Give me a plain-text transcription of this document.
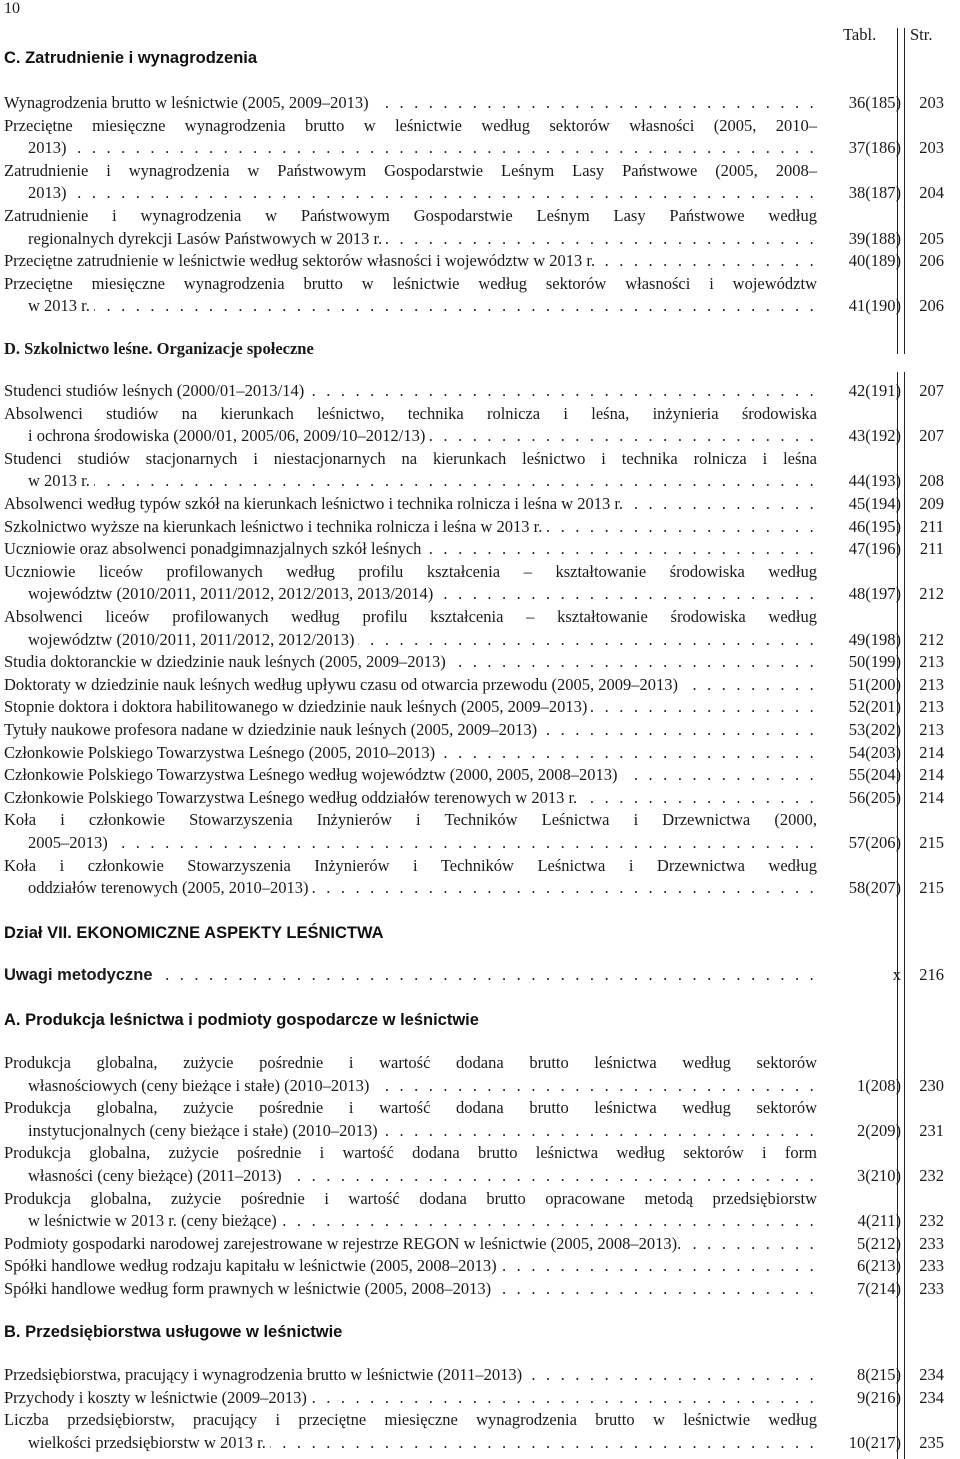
10
Tabl. Str.
C. Zatrudnienie i wynagrodzenia
Wynagrodzenia brutto w leśnictwie (2005, 2009–2013) . . .	36(185)	203
Przeciętne miesięczne wynagrodzenia brutto w leśnictwie według sektorów własności (2005, 2010–
2013) . . .	37(186)	203
Zatrudnienie i wynagrodzenia w Państwowym Gospodarstwie Leśnym Lasy Państwowe (2005, 2008–
2013) . . .	38(187)	204
Zatrudnienie i wynagrodzenia w Państwowym Gospodarstwie Leśnym Lasy Państwowe według
regionalnych dyrekcji Lasów Państwowych w 2013 r. . . .	39(188)	205
Przeciętne zatrudnienie w leśnictwie według sektorów własności i województw w 2013 r. . . .	40(189)	206
Przeciętne miesięczne wynagrodzenia brutto w leśnictwie według sektorów własności i województw
w 2013 r. . . .	41(190)	206
D. Szkolnictwo leśne. Organizacje społeczne
Studenci studiów leśnych (2000/01–2013/14) . . .	42(191)	207
Absolwenci studiów na kierunkach leśnictwo, technika rolnicza i leśna, inżynieria środowiska
i ochrona środowiska (2000/01, 2005/06, 2009/10–2012/13) . . .	43(192)	207
Studenci studiów stacjonarnych i niestacjonarnych na kierunkach leśnictwo i technika rolnicza i leśna
w 2013 r. . . .	44(193)	208
Absolwenci według typów szkół na kierunkach leśnictwo i technika rolnicza i leśna w 2013 r. . . .	45(194)	209
Szkolnictwo wyższe na kierunkach leśnictwo i technika rolnicza i leśna w 2013 r. . . .	46(195)	211
Uczniowie oraz absolwenci ponadgimnazjalnych szkół leśnych . . .	47(196)	211
Uczniowie liceów profilowanych według profilu kształcenia – kształtowanie środowiska według
województw (2010/2011, 2011/2012, 2012/2013, 2013/2014) . . .	48(197)	212
Absolwenci liceów profilowanych według profilu kształcenia – kształtowanie środowiska według
województw (2010/2011, 2011/2012, 2012/2013) . . .	49(198)	212
Studia doktoranckie w dziedzinie nauk leśnych (2005, 2009–2013) . . .	50(199)	213
Doktoraty w dziedzinie nauk leśnych według upływu czasu od otwarcia przewodu (2005, 2009–2013) . . .	51(200)	213
Stopnie doktora i doktora habilitowanego w dziedzinie nauk leśnych (2005, 2009–2013) . . .	52(201)	213
Tytuły naukowe profesora nadane w dziedzinie nauk leśnych (2005, 2009–2013) . . .	53(202)	213
Członkowie Polskiego Towarzystwa Leśnego (2005, 2010–2013) . . .	54(203)	214
Członkowie Polskiego Towarzystwa Leśnego według województw (2000, 2005, 2008–2013) . . .	55(204)	214
Członkowie Polskiego Towarzystwa Leśnego według oddziałów terenowych w 2013 r. . . .	56(205)	214
Koła i członkowie Stowarzyszenia Inżynierów i Techników Leśnictwa i Drzewnictwa (2000,
2005–2013) . . .	57(206)	215
Koła i członkowie Stowarzyszenia Inżynierów i Techników Leśnictwa i Drzewnictwa według
oddziałów terenowych (2005, 2010–2013) . . .	58(207)	215
Dział VII. EKONOMICZNE ASPEKTY LEŚNICTWA
Uwagi metodyczne . . .	x	216
A. Produkcja leśnictwa i podmioty gospodarcze w leśnictwie
Produkcja globalna, zużycie pośrednie i wartość dodana brutto leśnictwa według sektorów
własnościowych (ceny bieżące i stałe) (2010–2013) . . .	1(208)	230
Produkcja globalna, zużycie pośrednie i wartość dodana brutto leśnictwa według sektorów
instytucjonalnych (ceny bieżące i stałe) (2010–2013) . . .	2(209)	231
Produkcja globalna, zużycie pośrednie i wartość dodana brutto leśnictwa według sektorów i form
własności (ceny bieżące) (2011–2013) . . .	3(210)	232
Produkcja globalna, zużycie pośrednie i wartość dodana brutto opracowane metodą przedsiębiorstw
w leśnictwie w 2013 r. (ceny bieżące) . . .	4(211)	232
Podmioty gospodarki narodowej zarejestrowane w rejestrze REGON w leśnictwie (2005, 2008–2013). . . .	5(212)	233
Spółki handlowe według rodzaju kapitału w leśnictwie (2005, 2008–2013) . . .	6(213)	233
Spółki handlowe według form prawnych w leśnictwie (2005, 2008–2013) . . .	7(214)	233
B. Przedsiębiorstwa usługowe w leśnictwie
Przedsiębiorstwa, pracujący i wynagrodzenia brutto w leśnictwie (2011–2013) . . .	8(215)	234
Przychody i koszty w leśnictwie (2009–2013) . . .	9(216)	234
Liczba przedsiębiorstw, pracujący i przeciętne miesięczne wynagrodzenia brutto w leśnictwie według
wielkości przedsiębiorstw w 2013 r. . . .	10(217)	235
